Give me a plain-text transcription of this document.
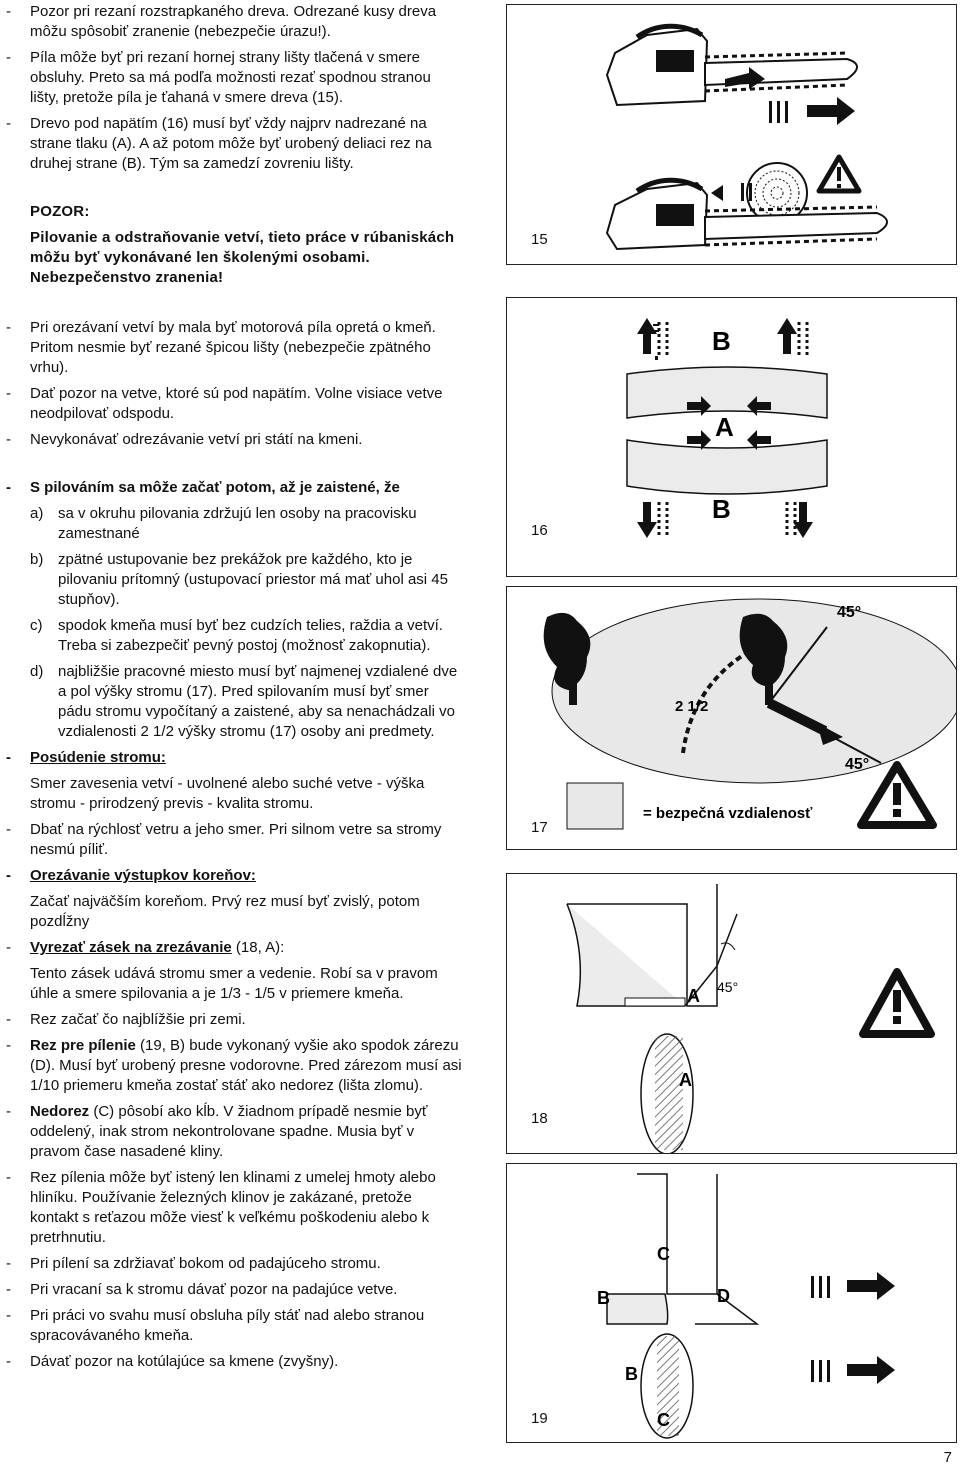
- Pozor pri rezaní rozstrapkaného dreva. Odrezané kusy dreva môžu spôsobiť zranenie (nebezpečie úrazu!).
- Píla môže byť pri rezaní hornej strany lišty tlačená v smere obsluhy. Preto sa má podľa možnosti rezať spodnou stranou lišty, pretože píla je ťahaná v smere dreva (15).
- Drevo pod napätím (16) musí byť vždy najprv nadrezané na strane tlaku (A). A až potom môže byť urobený deliaci rez na druhej strane (B). Tým sa zamedzí zovreniu lišty.
POZOR:
Pilovanie a odstraňovanie vetví, tieto práce v rúbaniskách môžu byť vykonávané len školenými osobami. Nebezpečenstvo zranenia!
- Pri orezávaní vetví by mala byť motorová píla opretá o kmeň. Pritom nesmie byť rezané špicou lišty (nebezpečie zpätného vrhu).
- Dať pozor na vetve, ktoré sú pod napätím. Volne visiace vetve neodpilovať odspodu.
- Nevykonávať odrezávanie vetví pri státí na kmeni.
- S pilováním sa môže začať potom, až je zaistené, že
a) sa v okruhu pilovania zdržujú len osoby na pracovisku zamestnané
b) zpätné ustupovanie bez prekážok pre každého, kto je pilovaniu prítomný (ustupovací priestor má mať uhol asi 45 stupňov).
c) spodok kmeňa musí byť bez cudzích telies, raždia a vetví. Treba si zabezpečiť pevný postoj (možnosť zakopnutia).
d) najbližšie pracovné miesto musí byť najmenej vzdialené dve a pol výšky stromu (17). Pred spilovaním musí byť smer pádu stromu vypočítaný a zaistené, aby sa nenachádzali vo vzdialenosti 2 1/2 výšky stromu (17) osoby ani predmety.
- Posúdenie stromu:
Smer zavesenia vetví - uvolnené alebo suché vetve - výška stromu - prirodzený previs - kvalita stromu.
- Dbať na rýchlosť vetru a jeho smer. Pri silnom vetre sa stromy nesmú píliť.
- Orezávanie výstupkov koreňov:
Začať najväčším koreňom. Prvý rez musí byť zvislý, potom pozdĺžny
- Vyrezať zásek na zrezávanie (18, A):
Tento zásek udává stromu smer a vedenie. Robí sa v pravom úhle a smere spilovania a je 1/3 - 1/5 v priemere kmeňa.
- Rez začať čo najblížšie pri zemi.
- Rez pre pílenie (19, B) bude vykonaný vyšie ako spodok zárezu (D). Musí byť urobený presne vodorovne. Pred zárezom musí asi 1/10 priemeru kmeňa zostať stáť ako nedorez (lišta zlomu).
- Nedorez (C) pôsobí ako kĺb. V žiadnom prípadě nesmie byť oddelený, inak strom nekontrolovane spadne. Musia byť v pravom čase nasadené kliny.
- Rez pílenia môže byť istený len klinami z umelej hmoty alebo hliníku. Používanie železných klinov je zakázané, pretože kontakt s reťazou môže viesť k veľkému poškodeniu alebo k pretrhnutiu.
- Pri pílení sa zdržiavať bokom od padajúceho stromu.
- Pri vracaní sa k stromu dávať pozor na padajúce vetve.
- Pri práci vo svahu musí obsluha píly stáť nad alebo stranou spracovávaného kmeňa.
- Dávať pozor na kotúlajúce sa kmene (zvyšny).
15
16
B
A
B
17
45°
45°
2 1/2
= bezpečná vzdialenosť
18
A 45°
A
19
C
B	D
B
C
7
